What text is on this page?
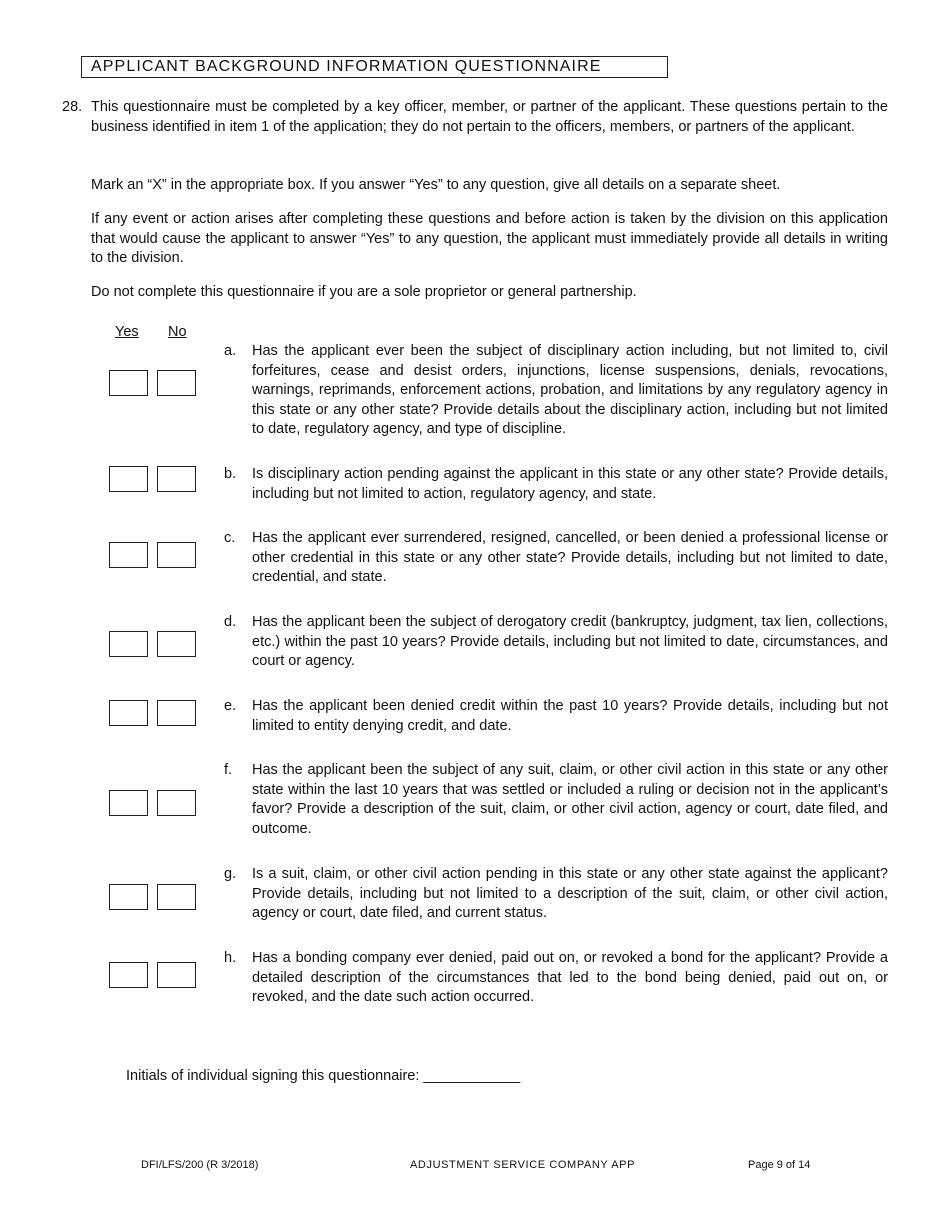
APPLICANT BACKGROUND INFORMATION QUESTIONNAIRE
28. This questionnaire must be completed by a key officer, member, or partner of the applicant. These questions pertain to the business identified in item 1 of the application; they do not pertain to the officers, members, or partners of the applicant.

Mark an “X” in the appropriate box. If you answer “Yes” to any question, give all details on a separate sheet.

If any event or action arises after completing these questions and before action is taken by the division on this application that would cause the applicant to answer “Yes” to any question, the applicant must immediately provide all details in writing to the division.

Do not complete this questionnaire if you are a sole proprietor or general partnership.

Yes No
a. Has the applicant ever been the subject of disciplinary action including, but not limited to, civil forfeitures, cease and desist orders, injunctions, license suspensions, denials, revocations, warnings, reprimands, enforcement actions, probation, and limitations by any regulatory agency in this state or any other state? Provide details about the disciplinary action, including but not limited to date, regulatory agency, and type of discipline.

b. Is disciplinary action pending against the applicant in this state or any other state? Provide details, including but not limited to action, regulatory agency, and state.

c. Has the applicant ever surrendered, resigned, cancelled, or been denied a professional license or other credential in this state or any other state? Provide details, including but not limited to date, credential, and state.

d. Has the applicant been the subject of derogatory credit (bankruptcy, judgment, tax lien, collections, etc.) within the past 10 years? Provide details, including but not limited to date, circumstances, and court or agency.

e. Has the applicant been denied credit within the past 10 years? Provide details, including but not limited to entity denying credit, and date.

f. Has the applicant been the subject of any suit, claim, or other civil action in this state or any other state within the last 10 years that was settled or included a ruling or decision not in the applicant’s favor? Provide a description of the suit, claim, or other civil action, agency or court, date filed, and outcome.

g. Is a suit, claim, or other civil action pending in this state or any other state against the applicant? Provide details, including but not limited to a description of the suit, claim, or other civil action, agency or court, date filed, and current status.

h. Has a bonding company ever denied, paid out on, or revoked a bond for the applicant? Provide a detailed description of the circumstances that led to the bond being denied, paid out on, or revoked, and the date such action occurred.

Initials of individual signing this questionnaire: ____________
DFI/LFS/200 (R 3/2018)	ADJUSTMENT SERVICE COMPANY APP	Page 9 of 14
